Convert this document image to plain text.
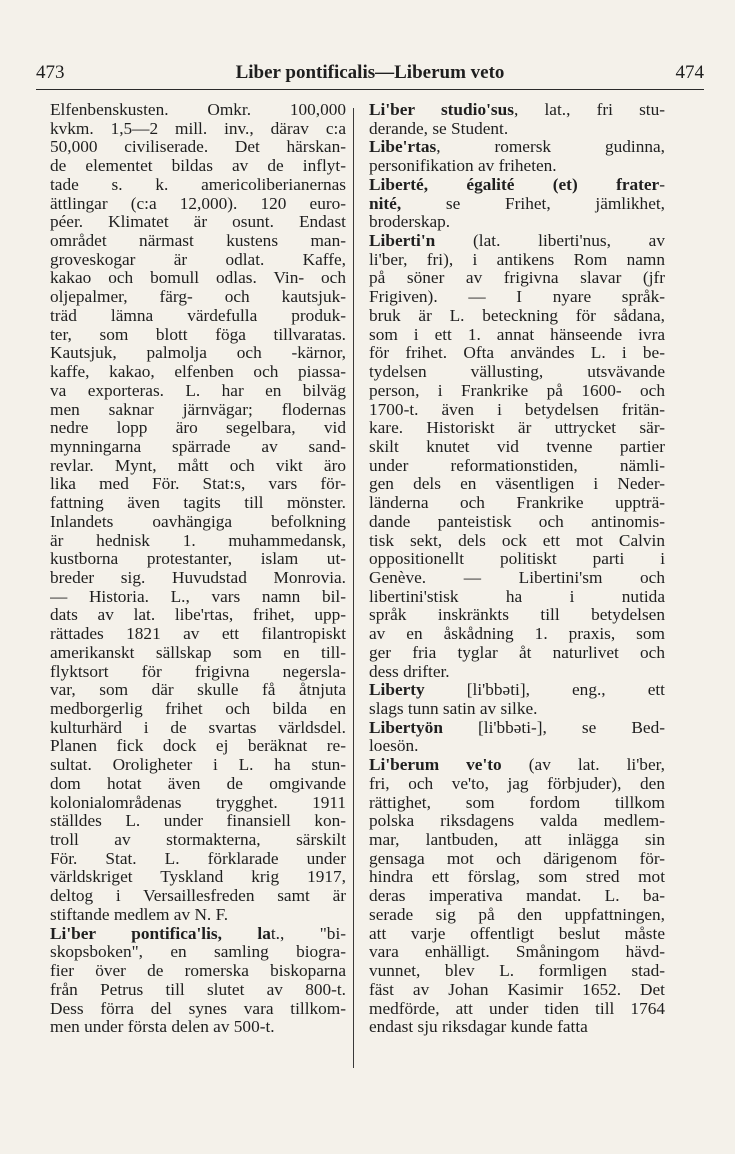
473	Liber pontificalis—Liberum veto	474
Elfenbenskusten. Omkr. 100,000
kvkm. 1,5—2 mill. inv., därav c:a
50,000 civiliserade. Det härskan-
de elementet bildas av de inflyt-
tade s. k. americoliberianernas
ättlingar (c:a 12,000). 120 euro-
péer. Klimatet är osunt. Endast
området närmast kustens man-
groveskogar är odlat. Kaffe,
kakao och bomull odlas. Vin- och
oljepalmer, färg- och kautsjuk-
träd lämna värdefulla produk-
ter, som blott föga tillvaratas.
Kautsjuk, palmolja och -kärnor,
kaffe, kakao, elfenben och piassa-
va exporteras. L. har en bilväg
men saknar järnvägar; flodernas
nedre lopp äro segelbara, vid
mynningarna spärrade av sand-
revlar. Mynt, mått och vikt äro
lika med För. Stat:s, vars för-
fattning även tagits till mönster.
Inlandets oavhängiga befolkning
är hednisk 1. muhammedansk,
kustborna protestanter, islam ut-
breder sig. Huvudstad Monrovia.
— Historia. L., vars namn bil-
dats av lat. libe'rtas, frihet, upp-
rättades 1821 av ett filantropiskt
amerikanskt sällskap som en till-
flyktsort för frigivna negersla-
var, som där skulle få åtnjuta
medborgerlig frihet och bilda en
kulturhärd i de svartas världsdel.
Planen fick dock ej beräknat re-
sultat. Oroligheter i L. ha stun-
dom hotat även de omgivande
kolonialområdenas trygghet. 1911
ställdes L. under finansiell kon-
troll av stormakterna, särskilt
För. Stat. L. förklarade under
världskriget Tyskland krig 1917,
deltog i Versaillesfreden samt är
stiftande medlem av N. F.
Li'ber pontifica'lis, lat., "bi-
skopsboken", en samling biogra-
fier över de romerska biskoparna
från Petrus till slutet av 800-t.
Dess förra del synes vara tillkom-
men under första delen av 500-t.
Li'ber studio'sus, lat., fri stu-
derande, se Student.
Libe'rtas, romersk gudinna,
personifikation av friheten.
Liberté, égalité (et) frater-
nité, se Frihet, jämlikhet,
broderskap.
Liberti'n (lat. liberti'nus, av
li'ber, fri), i antikens Rom namn
på söner av frigivna slavar (jfr
Frigiven). — I nyare språk-
bruk är L. beteckning för sådana,
som i ett 1. annat hänseende ivra
för frihet. Ofta användes L. i be-
tydelsen vällusting, utsvävande
person, i Frankrike på 1600- och
1700-t. även i betydelsen fritän-
kare. Historiskt är uttrycket sär-
skilt knutet vid tvenne partier
under reformationstiden, nämli-
gen dels en väsentligen i Neder-
länderna och Frankrike uppträ-
dande panteistisk och antinomis-
tisk sekt, dels ock ett mot Calvin
oppositionellt politiskt parti i
Genève. — Libertini'sm och
libertini'stisk ha i nutida
språk inskränkts till betydelsen
av en åskådning 1. praxis, som
ger fria tyglar åt naturlivet och
dess drifter.
Liberty [li'bbəti], eng., ett
slags tunn satin av silke.
Libertyön [li'bbəti-], se Bed-
loesön.
Li'berum ve'to (av lat. li'ber,
fri, och ve'to, jag förbjuder), den
rättighet, som fordom tillkom
polska riksdagens valda medlem-
mar, lantbuden, att inlägga sin
gensaga mot och därigenom för-
hindra ett förslag, som stred mot
deras imperativa mandat. L. ba-
serade sig på den uppfattningen,
att varje offentligt beslut måste
vara enhälligt. Småningom hävd-
vunnet, blev L. formligen stad-
fäst av Johan Kasimir 1652. Det
medförde, att under tiden till 1764
endast sju riksdagar kunde fatta
